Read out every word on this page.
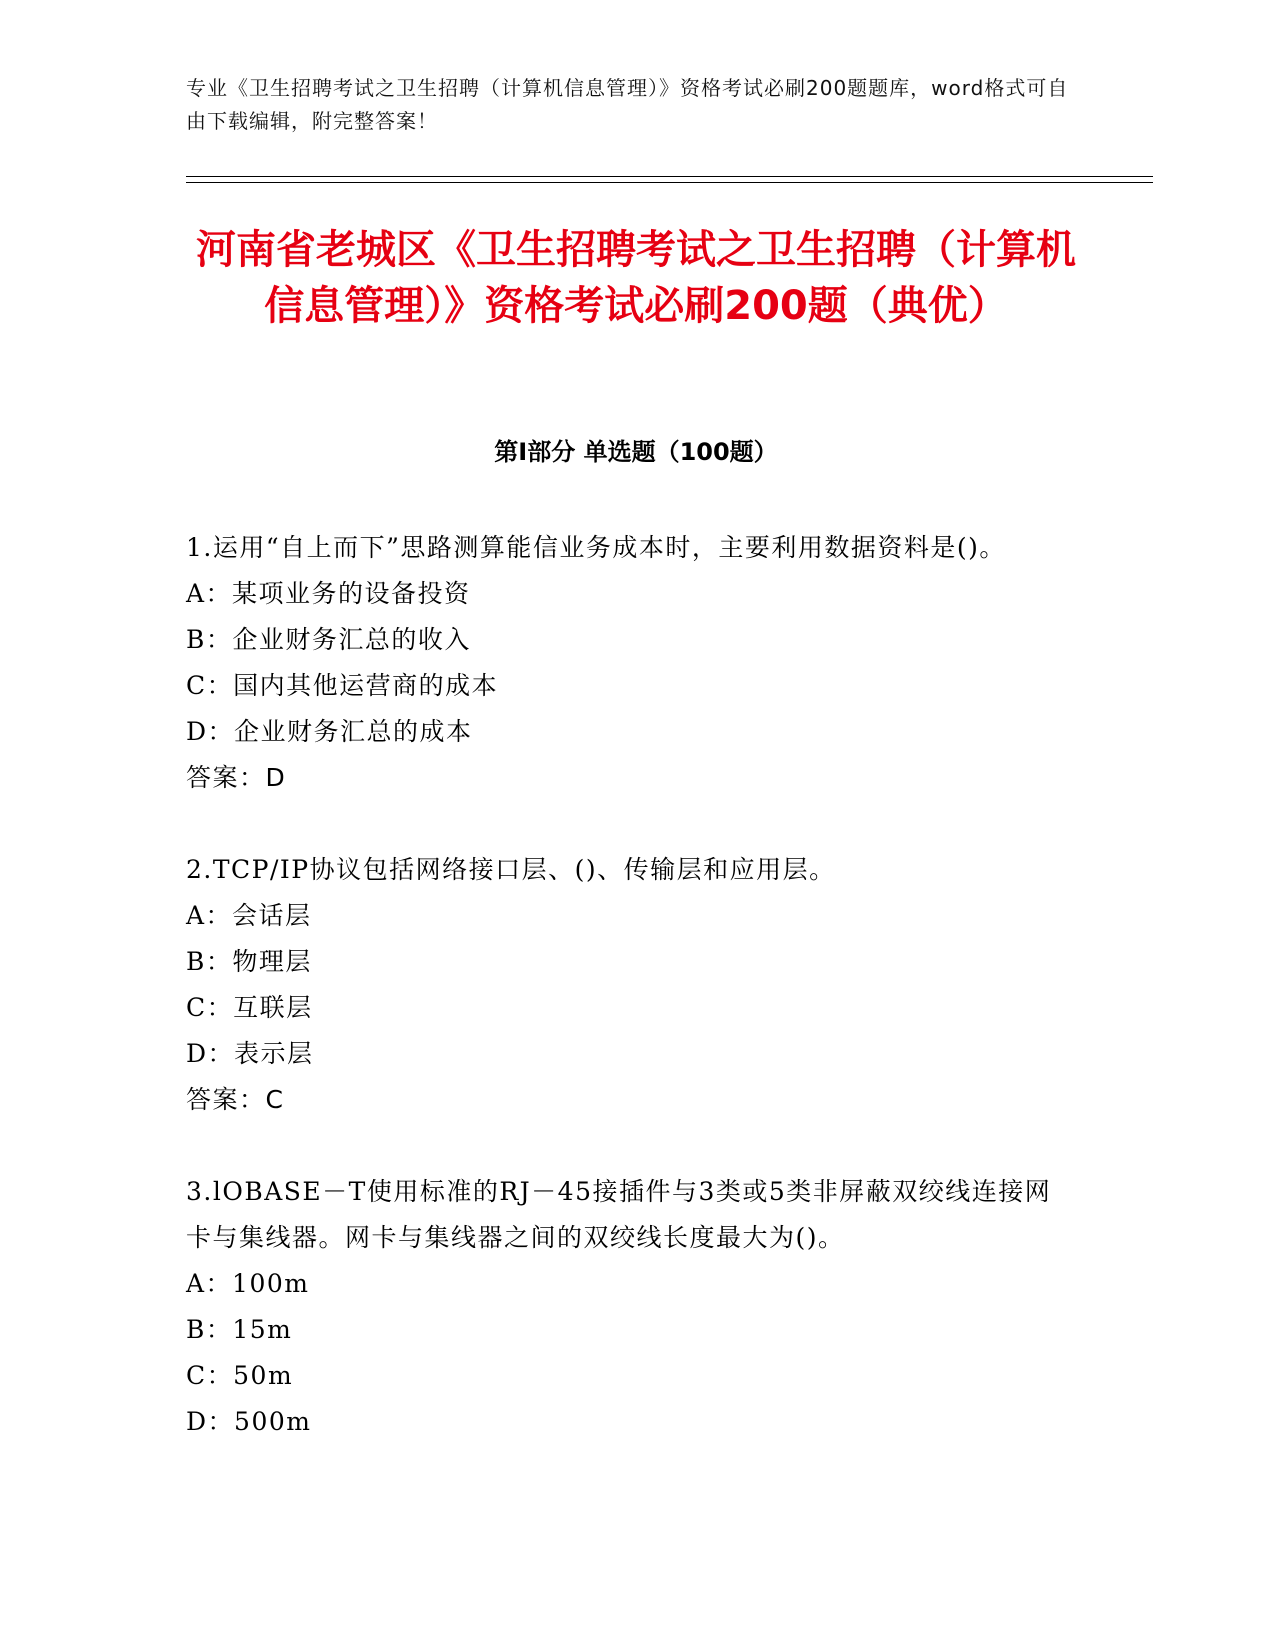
专业《卫生招聘考试之卫生招聘（计算机信息管理）》资格考试必刷200题题库，word格式可自由下载编辑，附完整答案！
河南省老城区《卫生招聘考试之卫生招聘（计算机信息管理）》资格考试必刷200题（典优）
第I部分 单选题（100题）

1.运用“自上而下”思路测算能信业务成本时，主要利用数据资料是()。

A：某项业务的设备投资

B：企业财务汇总的收入

C：国内其他运营商的成本

D：企业财务汇总的成本

答案：D

2.TCP/IP协议包括网络接口层、()、传输层和应用层。

A：会话层

B：物理层

C：互联层

D：表示层

答案：C

3.lOBASE－T使用标准的RJ－45接插件与3类或5类非屏蔽双绞线连接网卡与集线器。网卡与集线器之间的双绞线长度最大为()。

A：100m

B：15m

C：50m

D：500m
